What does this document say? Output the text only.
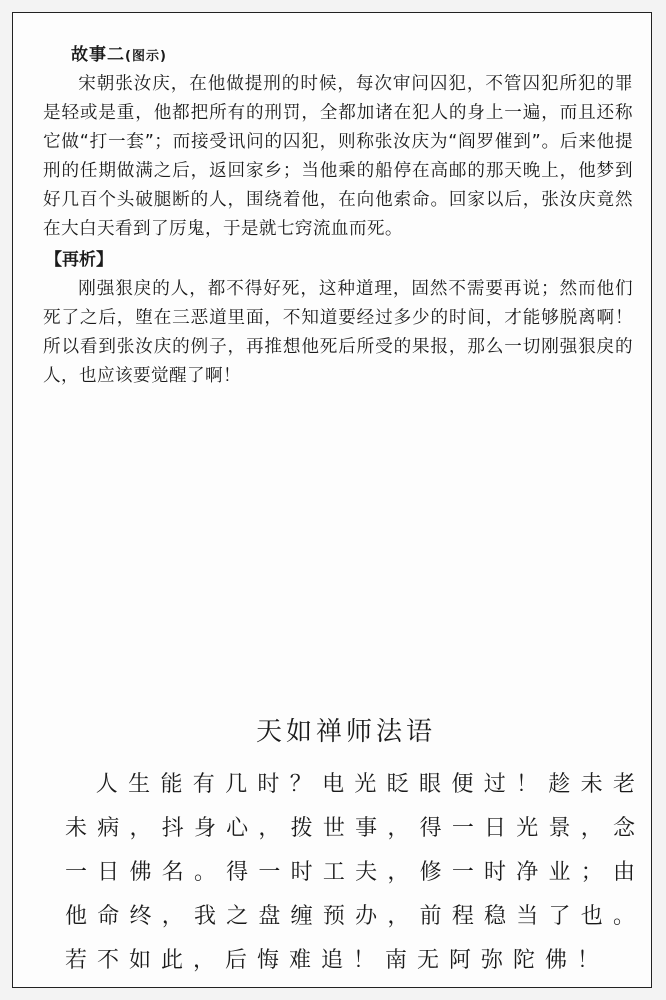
故事二(图示)

宋朝张汝庆，在他做提刑的时候，每次审问囚犯，不管囚犯所犯的罪是轻或是重，他都把所有的刑罚，全都加诸在犯人的身上一遍，而且还称它做“打一套”；而接受讯问的囚犯，则称张汝庆为“阎罗催到”。后来他提刑的任期做满之后，返回家乡；当他乘的船停在高邮的那天晚上，他梦到好几百个头破腿断的人，围绕着他，在向他索命。回家以后，张汝庆竟然在大白天看到了厉鬼，于是就七窍流血而死。

【再析】

刚强狠戾的人，都不得好死，这种道理，固然不需要再说；然而他们死了之后，堕在三恶道里面，不知道要经过多少的时间，才能够脱离啊！所以看到张汝庆的例子，再推想他死后所受的果报，那么一切刚强狠戾的人，也应该要觉醒了啊！

天如禅师法语

人生能有几时？电光眨眼便过！趁未老未病，抖身心，拨世事，得一日光景，念一日佛名。得一时工夫，修一时净业；由他命终，我之盘缠预办，前程稳当了也。若不如此，后悔难追！南无阿弥陀佛！
